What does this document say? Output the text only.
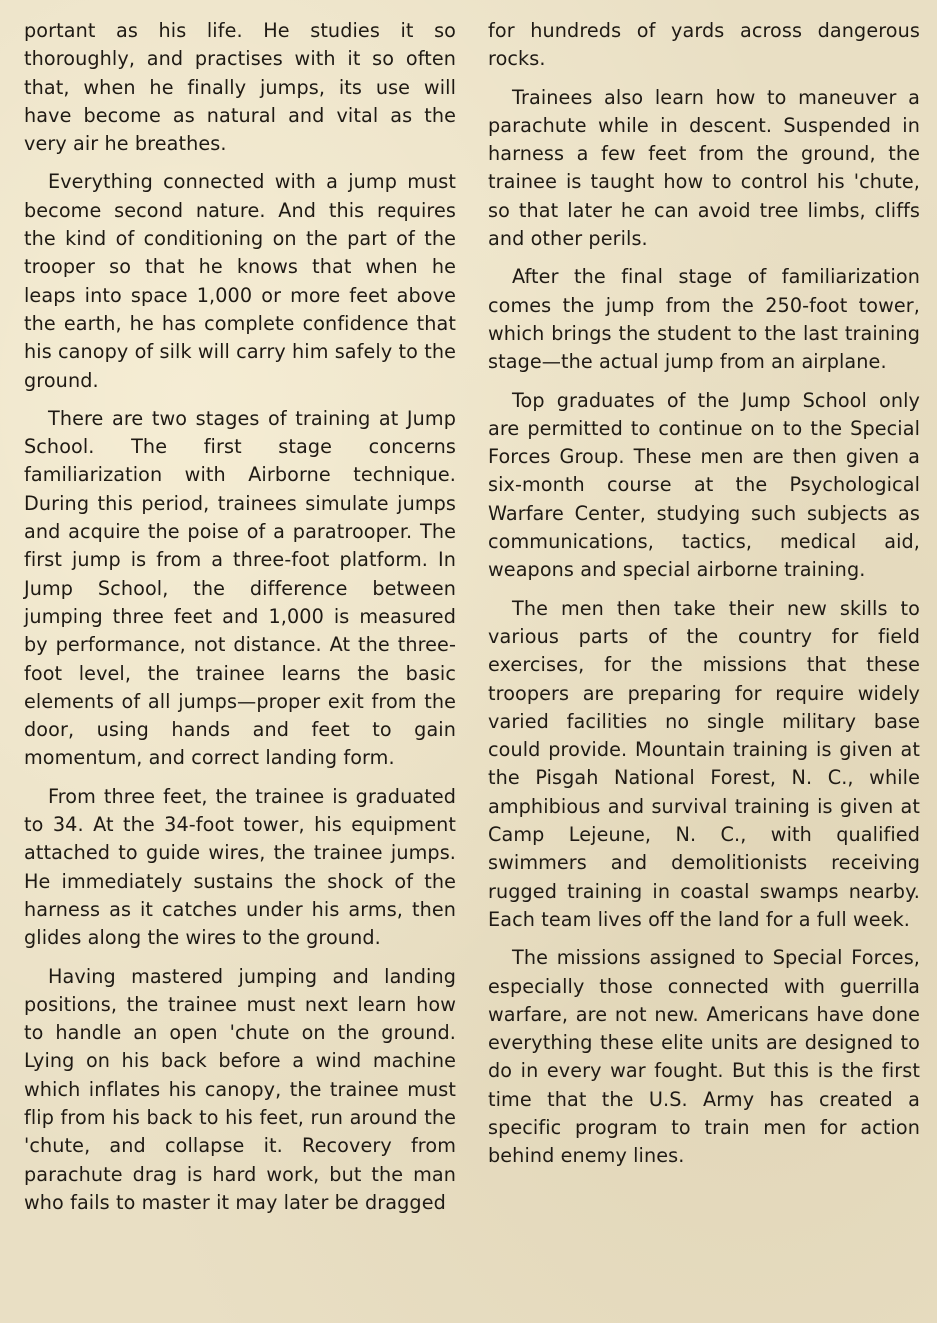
portant as his life. He studies it so thoroughly, and practises with it so often that, when he finally jumps, its use will have become as natural and vital as the very air he breathes.

Everything connected with a jump must become second nature. And this requires the kind of conditioning on the part of the trooper so that he knows that when he leaps into space 1,000 or more feet above the earth, he has complete confidence that his canopy of silk will carry him safely to the ground.

There are two stages of training at Jump School. The first stage concerns familiarization with Airborne technique. During this period, trainees simulate jumps and acquire the poise of a paratrooper. The first jump is from a three-foot platform. In Jump School, the difference between jumping three feet and 1,000 is measured by performance, not distance. At the three-foot level, the trainee learns the basic elements of all jumps—proper exit from the door, using hands and feet to gain momentum, and correct landing form.

From three feet, the trainee is graduated to 34. At the 34-foot tower, his equipment attached to guide wires, the trainee jumps. He immediately sustains the shock of the harness as it catches under his arms, then glides along the wires to the ground.

Having mastered jumping and landing positions, the trainee must next learn how to handle an open 'chute on the ground. Lying on his back before a wind machine which inflates his canopy, the trainee must flip from his back to his feet, run around the 'chute, and collapse it. Recovery from parachute drag is hard work, but the man who fails to master it may later be dragged

for hundreds of yards across dangerous rocks.

Trainees also learn how to maneuver a parachute while in descent. Suspended in harness a few feet from the ground, the trainee is taught how to control his 'chute, so that later he can avoid tree limbs, cliffs and other perils.

After the final stage of familiarization comes the jump from the 250-foot tower, which brings the student to the last training stage—the actual jump from an airplane.

Top graduates of the Jump School only are permitted to continue on to the Special Forces Group. These men are then given a six-month course at the Psychological Warfare Center, studying such subjects as communications, tactics, medical aid, weapons and special airborne training.

The men then take their new skills to various parts of the country for field exercises, for the missions that these troopers are preparing for require widely varied facilities no single military base could provide. Mountain training is given at the Pisgah National Forest, N. C., while amphibious and survival training is given at Camp Lejeune, N. C., with qualified swimmers and demolitionists receiving rugged training in coastal swamps nearby. Each team lives off the land for a full week.

The missions assigned to Special Forces, especially those connected with guerrilla warfare, are not new. Americans have done everything these elite units are designed to do in every war fought. But this is the first time that the U.S. Army has created a specific program to train men for action behind enemy lines.
